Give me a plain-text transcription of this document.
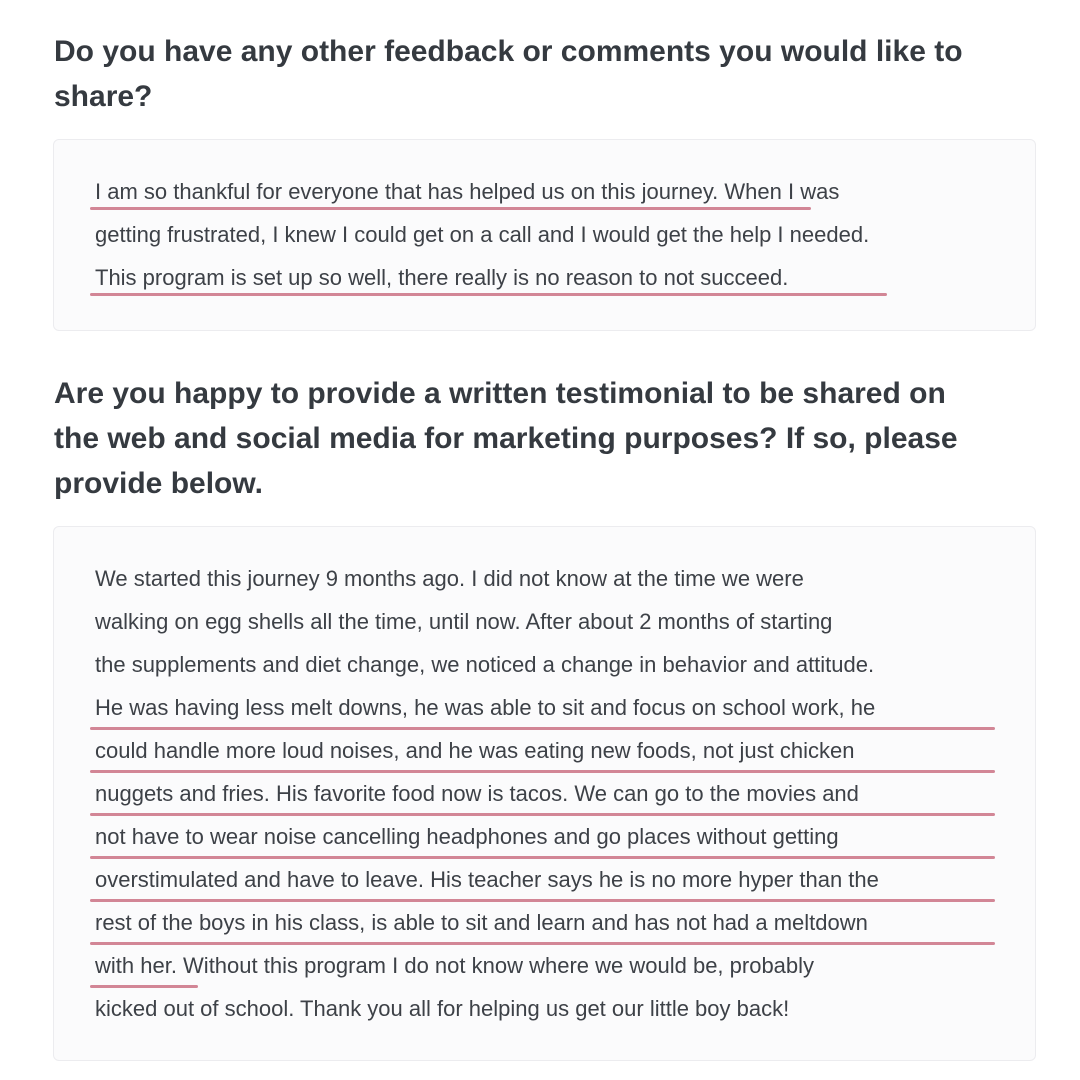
Do you have any other feedback or comments you would like to
share?
I am so thankful for everyone that has helped us on this journey. When I was
getting frustrated, I knew I could get on a call and I would get the help I needed.
This program is set up so well, there really is no reason to not succeed.
Are you happy to provide a written testimonial to be shared on
the web and social media for marketing purposes? If so, please
provide below.
We started this journey 9 months ago. I did not know at the time we were
walking on egg shells all the time, until now. After about 2 months of starting
the supplements and diet change, we noticed a change in behavior and attitude.
He was having less melt downs, he was able to sit and focus on school work, he
could handle more loud noises, and he was eating new foods, not just chicken
nuggets and fries. His favorite food now is tacos. We can go to the movies and
not have to wear noise cancelling headphones and go places without getting
overstimulated and have to leave. His teacher says he is no more hyper than the
rest of the boys in his class, is able to sit and learn and has not had a meltdown
with her. Without this program I do not know where we would be, probably
kicked out of school. Thank you all for helping us get our little boy back!
